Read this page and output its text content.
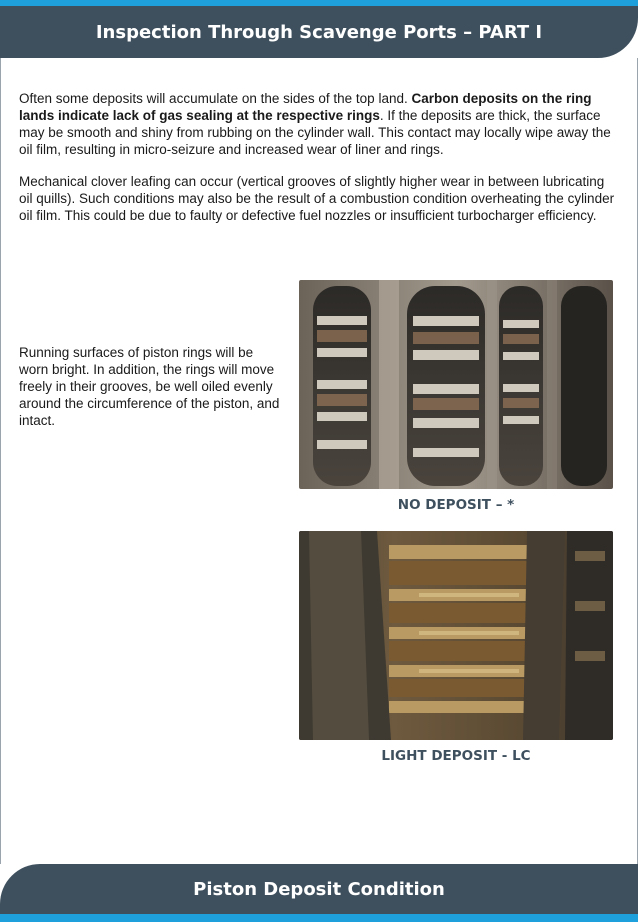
Inspection Through Scavenge Ports – PART I

Often some deposits will accumulate on the sides of the top land. Carbon deposits on the ring lands indicate lack of gas sealing at the respective rings. If the deposits are thick, the surface may be smooth and shiny from rubbing on the cylinder wall. This contact may locally wipe away the oil film, resulting in micro-seizure and increased wear of liner and rings.

Mechanical clover leafing can occur (vertical grooves of slightly higher wear in between lubricating oil quills). Such conditions may also be the result of a combustion condition overheating the cylinder oil film. This could be due to faulty or defective fuel nozzles or insufficient turbocharger efficiency.

Running surfaces of piston rings will be worn bright. In addition, the rings will move freely in their grooves, be well oiled evenly around the circumference of the piston, and intact.

NO DEPOSIT – *
LIGHT DEPOSIT - LC
Piston Deposit Condition
